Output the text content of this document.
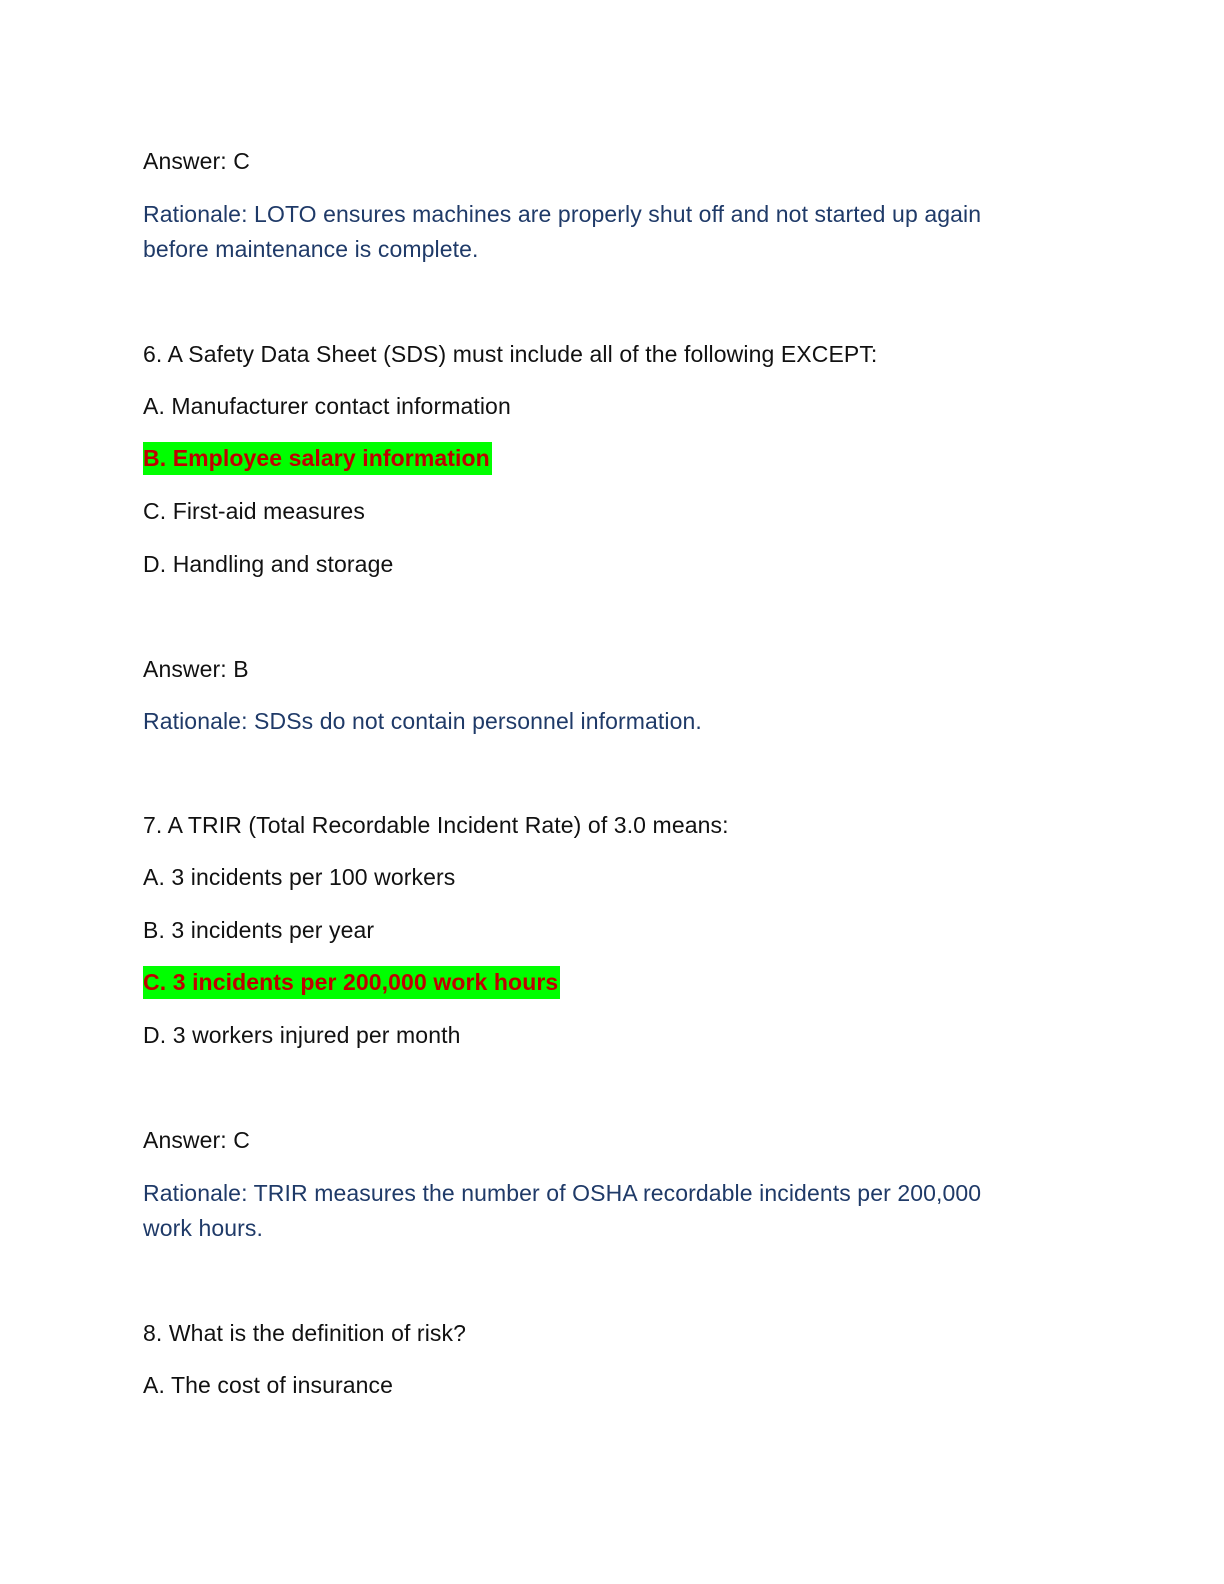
Answer: C
Rationale: LOTO ensures machines are properly shut off and not started up again
before maintenance is complete.
6. A Safety Data Sheet (SDS) must include all of the following EXCEPT:
A. Manufacturer contact information
B. Employee salary information
C. First-aid measures
D. Handling and storage
Answer: B
Rationale: SDSs do not contain personnel information.
7. A TRIR (Total Recordable Incident Rate) of 3.0 means:
A. 3 incidents per 100 workers
B. 3 incidents per year
C. 3 incidents per 200,000 work hours
D. 3 workers injured per month
Answer: C
Rationale: TRIR measures the number of OSHA recordable incidents per 200,000
work hours.
8. What is the definition of risk?
A. The cost of insurance
